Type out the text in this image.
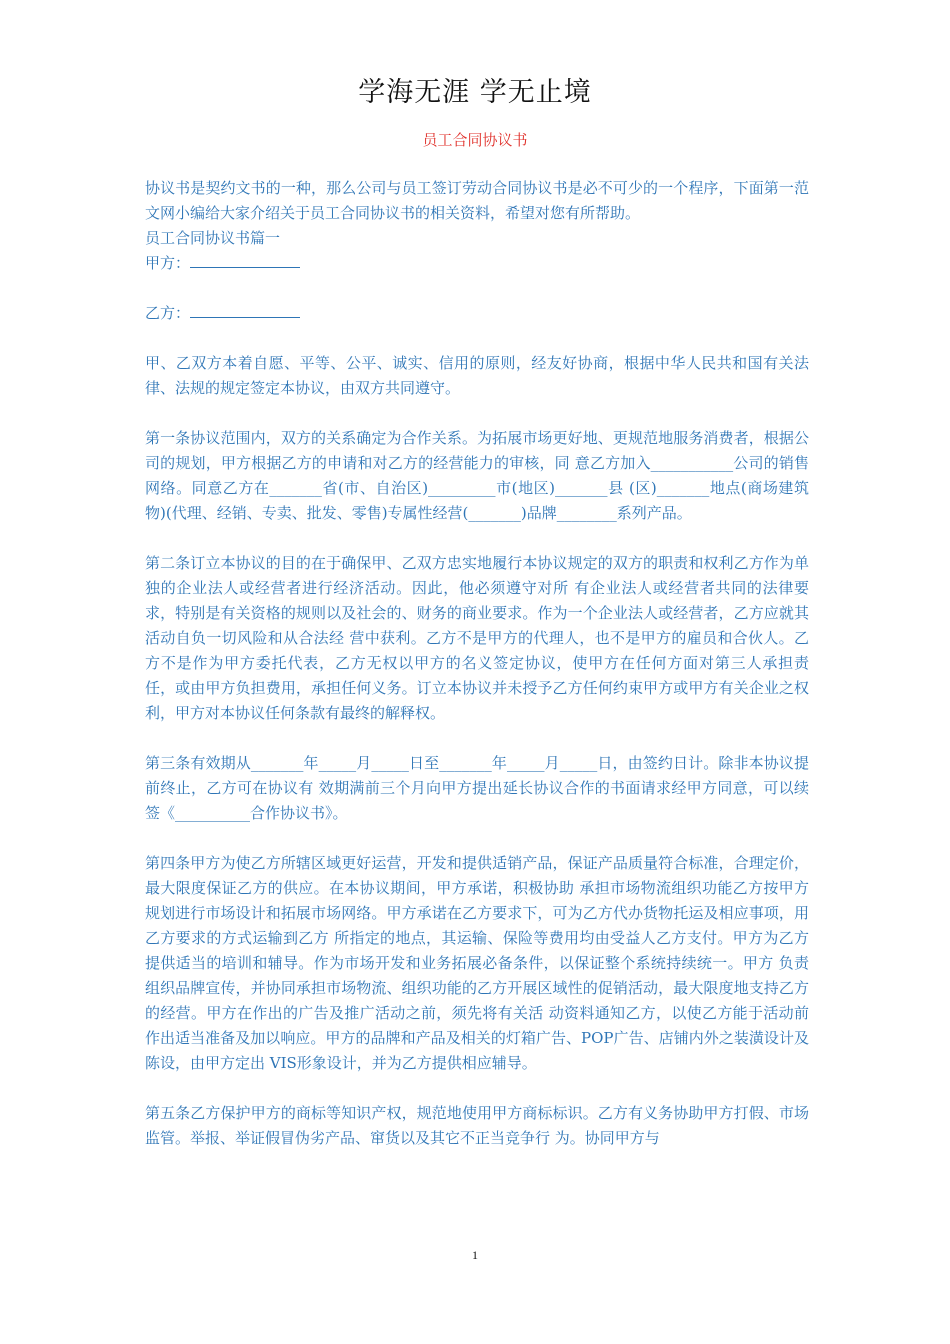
学海无涯 学无止境
员工合同协议书

协议书是契约文书的一种，那么公司与员工签订劳动合同协议书是必不可少的一个程序，下面第一范文网小编给大家介绍关于员工合同协议书的相关资料，希望对您有所帮助。

员工合同协议书篇一

甲方：

乙方：

甲、乙双方本着自愿、平等、公平、诚实、信用的原则，经友好协商，根据中华人民共和国有关法律、法规的规定签定本协议，由双方共同遵守。

第一条协议范围内，双方的关系确定为合作关系。为拓展市场更好地、更规范地服务消费者，根据公司的规划，甲方根据乙方的申请和对乙方的经营能力的审核，同 意乙方加入___________公司的销售网络。同意乙方在_______省(市、自治区)_________市(地区)_______县 (区)_______地点(商场建筑物)(代理、经销、专卖、批发、零售)专属性经营(_______)品牌________系列产品。

第二条订立本协议的目的在于确保甲、乙双方忠实地履行本协议规定的双方的职责和权利乙方作为单独的企业法人或经营者进行经济活动。因此，他必须遵守对所 有企业法人或经营者共同的法律要求，特别是有关资格的规则以及社会的、财务的商业要求。作为一个企业法人或经营者，乙方应就其活动自负一切风险和从合法经 营中获利。乙方不是甲方的代理人，也不是甲方的雇员和合伙人。乙方不是作为甲方委托代表，乙方无权以甲方的名义签定协议，使甲方在任何方面对第三人承担责 任，或由甲方负担费用，承担任何义务。订立本协议并未授予乙方任何约束甲方或甲方有关企业之权利，甲方对本协议任何条款有最终的解释权。

第三条有效期从_______年_____月_____日至_______年_____月_____日，由签约日计。除非本协议提前终止，乙方可在协议有 效期满前三个月向甲方提出延长协议合作的书面请求经甲方同意，可以续签《__________合作协议书》。

第四条甲方为使乙方所辖区域更好运营，开发和提供适销产品，保证产品质量符合标准，合理定价，最大限度保证乙方的供应。在本协议期间，甲方承诺，积极协助 承担市场物流组织功能乙方按甲方规划进行市场设计和拓展市场网络。甲方承诺在乙方要求下，可为乙方代办货物托运及相应事项，用乙方要求的方式运输到乙方 所指定的地点，其运输、保险等费用均由受益人乙方支付。甲方为乙方提供适当的培训和辅导。作为市场开发和业务拓展必备条件，以保证整个系统持续统一。甲方 负责组织品牌宣传，并协同承担市场物流、组织功能的乙方开展区域性的促销活动，最大限度地支持乙方的经营。甲方在作出的广告及推广活动之前，须先将有关活 动资料通知乙方，以使乙方能于活动前作出适当准备及加以响应。甲方的品牌和产品及相关的灯箱广告、POP广告、店铺内外之装潢设计及陈设，由甲方定出 VIS形象设计，并为乙方提供相应辅导。

第五条乙方保护甲方的商标等知识产权，规范地使用甲方商标标识。乙方有义务协助甲方打假、市场监管。举报、举证假冒伪劣产品、窜货以及其它不正当竞争行 为。协同甲方与

1
